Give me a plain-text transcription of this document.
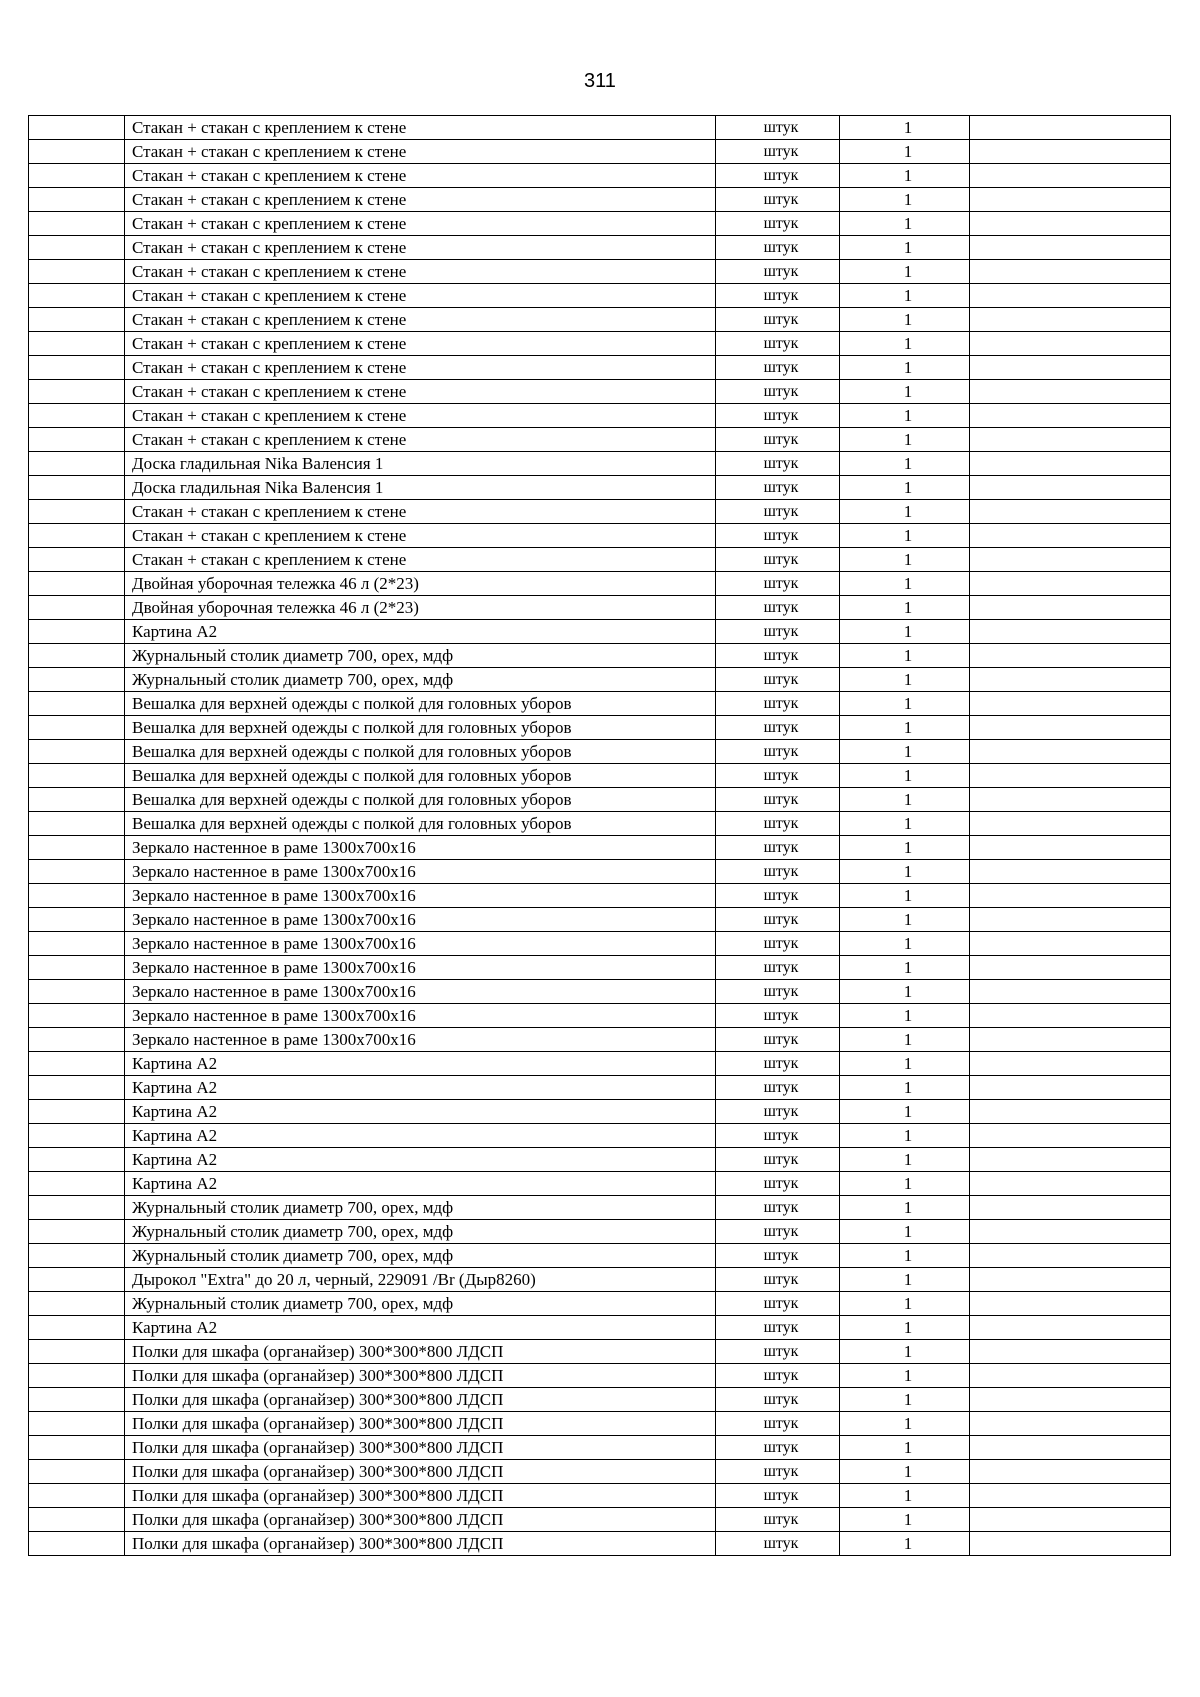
311
	Стакан + стакан с креплением к стене	штук	1	
	Стакан + стакан с креплением к стене	штук	1	
	Стакан + стакан с креплением к стене	штук	1	
	Стакан + стакан с креплением к стене	штук	1	
	Стакан + стакан с креплением к стене	штук	1	
	Стакан + стакан с креплением к стене	штук	1	
	Стакан + стакан с креплением к стене	штук	1	
	Стакан + стакан с креплением к стене	штук	1	
	Стакан + стакан с креплением к стене	штук	1	
	Стакан + стакан с креплением к стене	штук	1	
	Стакан + стакан с креплением к стене	штук	1	
	Стакан + стакан с креплением к стене	штук	1	
	Стакан + стакан с креплением к стене	штук	1	
	Стакан + стакан с креплением к стене	штук	1	
	Доска гладильная Nika Валенсия 1	штук	1	
	Доска гладильная Nika Валенсия 1	штук	1	
	Стакан + стакан с креплением к стене	штук	1	
	Стакан + стакан с креплением к стене	штук	1	
	Стакан + стакан с креплением к стене	штук	1	
	Двойная уборочная тележка 46 л (2*23)	штук	1	
	Двойная уборочная тележка 46 л (2*23)	штук	1	
	Картина А2	штук	1	
	Журнальный столик диаметр 700, орех, мдф	штук	1	
	Журнальный столик диаметр 700, орех, мдф	штук	1	
	Вешалка для верхней одежды с полкой для головных уборов	штук	1	
	Вешалка для верхней одежды с полкой для головных уборов	штук	1	
	Вешалка для верхней одежды с полкой для головных уборов	штук	1	
	Вешалка для верхней одежды с полкой для головных уборов	штук	1	
	Вешалка для верхней одежды с полкой для головных уборов	штук	1	
	Вешалка для верхней одежды с полкой для головных уборов	штук	1	
	Зеркало настенное в раме 1300х700х16	штук	1	
	Зеркало настенное в раме 1300х700х16	штук	1	
	Зеркало настенное в раме 1300х700х16	штук	1	
	Зеркало настенное в раме 1300х700х16	штук	1	
	Зеркало настенное в раме 1300х700х16	штук	1	
	Зеркало настенное в раме 1300х700х16	штук	1	
	Зеркало настенное в раме 1300х700х16	штук	1	
	Зеркало настенное в раме 1300х700х16	штук	1	
	Зеркало настенное в раме 1300х700х16	штук	1	
	Картина А2	штук	1	
	Картина А2	штук	1	
	Картина А2	штук	1	
	Картина А2	штук	1	
	Картина А2	штук	1	
	Картина А2	штук	1	
	Журнальный столик диаметр 700, орех, мдф	штук	1	
	Журнальный столик диаметр 700, орех, мдф	штук	1	
	Журнальный столик диаметр 700, орех, мдф	штук	1	
	Дырокол "Extra" до 20 л, черный, 229091 /Br (Дыр8260)	штук	1	
	Журнальный столик диаметр 700, орех, мдф	штук	1	
	Картина А2	штук	1	
	Полки для шкафа (органайзер) 300*300*800 ЛДСП	штук	1	
	Полки для шкафа (органайзер) 300*300*800 ЛДСП	штук	1	
	Полки для шкафа (органайзер) 300*300*800 ЛДСП	штук	1	
	Полки для шкафа (органайзер) 300*300*800 ЛДСП	штук	1	
	Полки для шкафа (органайзер) 300*300*800 ЛДСП	штук	1	
	Полки для шкафа (органайзер) 300*300*800 ЛДСП	штук	1	
	Полки для шкафа (органайзер) 300*300*800 ЛДСП	штук	1	
	Полки для шкафа (органайзер) 300*300*800 ЛДСП	штук	1	
	Полки для шкафа (органайзер) 300*300*800 ЛДСП	штук	1	
